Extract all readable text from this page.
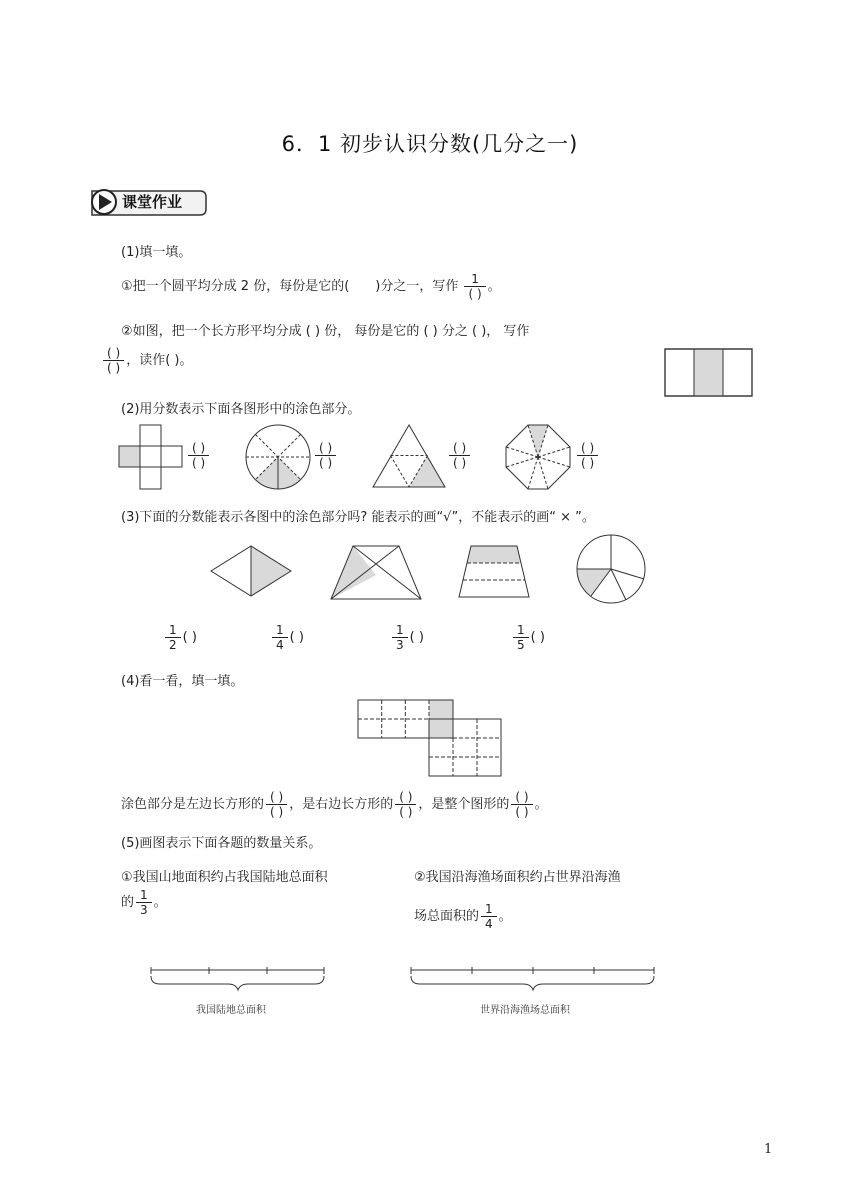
6．1 初步认识分数(几分之一)
课堂作业
(1)填一填。
①把一个圆平均分成 2 份，每份是它的( )分之一，写作 $\frac{1}{( )}$ 。
②如图，把一个长方形平均分成 ( ) 份， 每份是它的 ( ) 分之 ( )， 写作
$\frac{( )}{( )}$ ，读作( )。
(2)用分数表示下面各图形中的涂色部分。
( )
( )
( )
( )
( )
( )
( )
( )
(3)下面的分数能表示各图中的涂色部分吗? 能表示的画“√”，不能表示的画“ × ”。
$\frac{1}{2}$ ( )	$\frac{1}{4}$ ( )	$\frac{1}{3}$ ( )	$\frac{1}{5}$ ( )
(4)看一看，填一填。
涂色部分是左边长方形的 $\frac{( )}{( )}$ ，是右边长方形的 $\frac{( )}{( )}$ ，是整个图形的 $\frac{( )}{( )}$ 。
(5)画图表示下面各题的数量关系。
①我国山地面积约占我国陆地总面积
的 $\frac{1}{3}$ 。
②我国沿海渔场面积约占世界沿海渔
场总面积的 $\frac{1}{4}$ 。
我国陆地总面积	世界沿海渔场总面积
1
